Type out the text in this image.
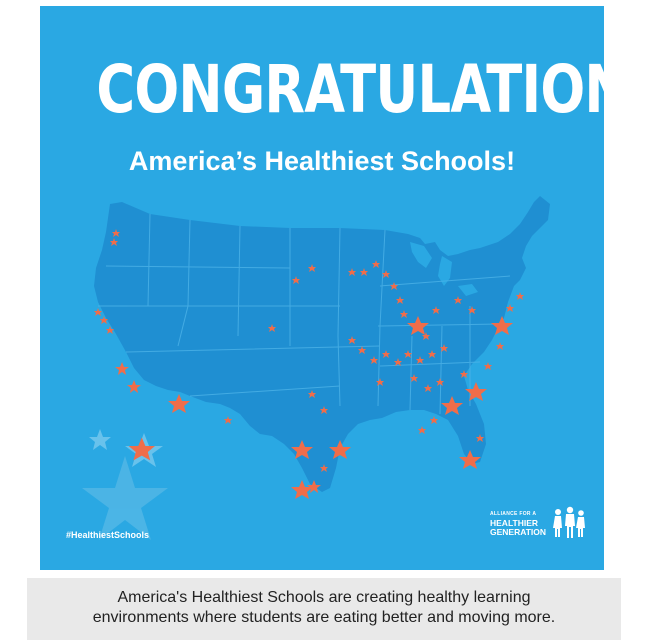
CONGRATULATIONS
America’s Healthiest Schools!
#HealthiestSchools
ALLIANCE FOR A
HEALTHIER
GENERATION
America's Healthiest Schools are creating healthy learning
environments where students are eating better and moving more.
